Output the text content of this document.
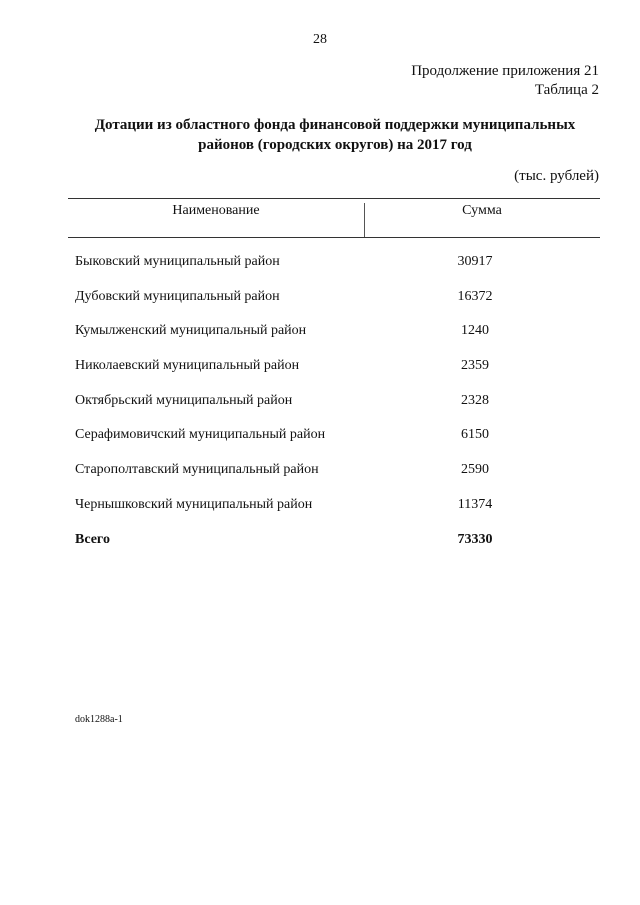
28
Продолжение приложения 21
Таблица 2
Дотации из областного фонда финансовой поддержки муниципальных
районов (городских округов) на 2017 год
(тыс. рублей)
Наименование	Сумма
Быковский муниципальный район	30917
Дубовский муниципальный район	16372
Кумылженский муниципальный район	1240
Николаевский муниципальный район	2359
Октябрьский муниципальный район	2328
Серафимовичский муниципальный район	6150
Старополтавский муниципальный район	2590
Чернышковский муниципальный район	11374
Всего	73330
dok1288a-1
